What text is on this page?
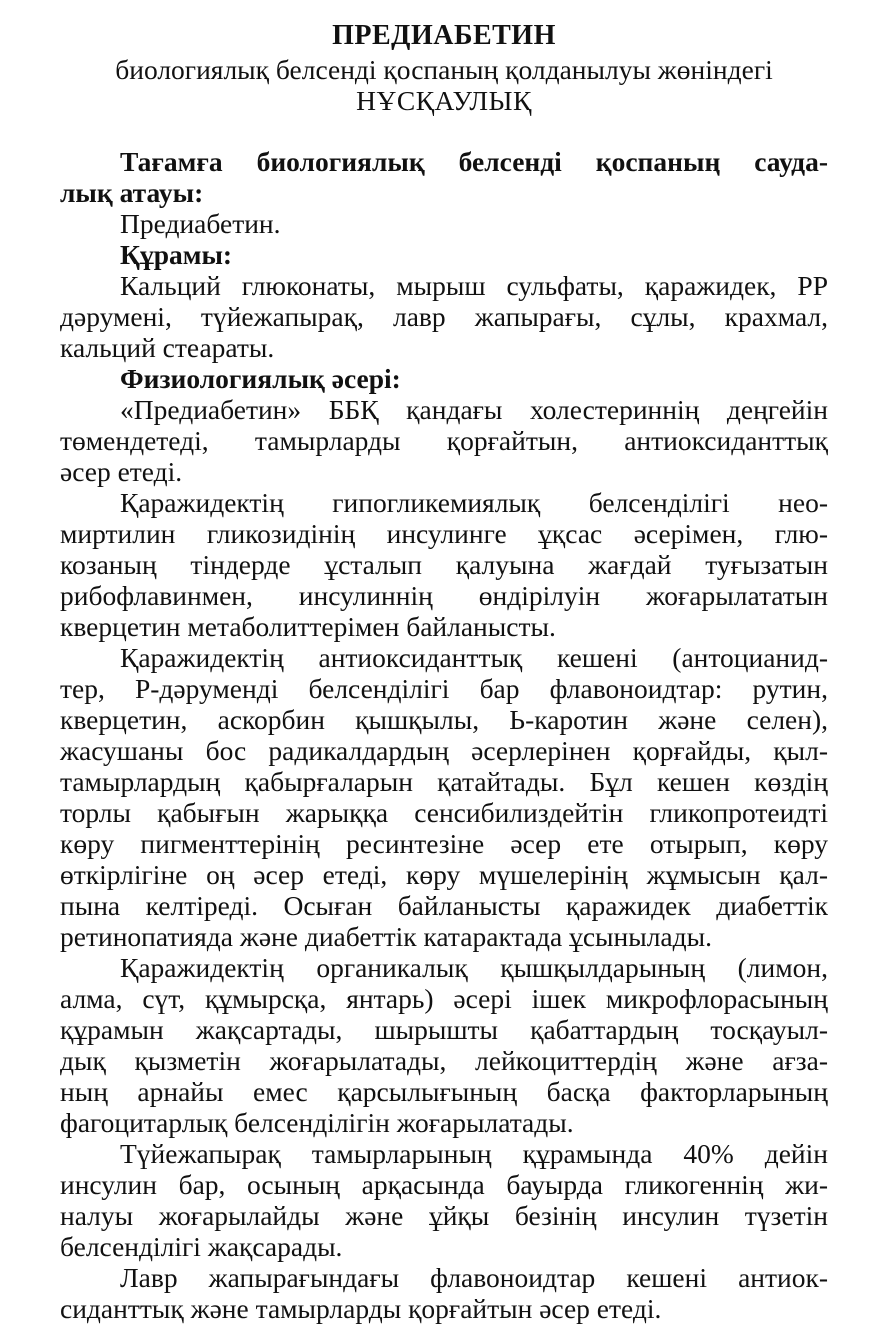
ПРЕДИАБЕТИН

биологиялық белсенді қоспаның қолданылуы жөніндегі

НҰСҚАУЛЫҚ

Тағамға биологиялық белсенді қоспаның сауда-
лық атауы:
Предиабетин.
Құрамы:
Кальций глюконаты, мырыш сульфаты, қаражидек, РР
дәрумені, түйежапырақ, лавр жапырағы, сұлы, крахмал,
кальций стеараты.
Физиологиялық әсері:
«Предиабетин» ББҚ қандағы холестериннің деңгейін
төмендетеді, тамырларды қорғайтын, антиоксиданттық
әсер етеді.
Қаражидектің гипогликемиялық белсенділігі нео-
миртилин гликозидінің инсулинге ұқсас әсерімен, глю-
козаның тіндерде ұсталып қалуына жағдай туғызатын
рибофлавинмен, инсулиннің өндірілуін жоғарылататын
кверцетин метаболиттерімен байланысты.
Қаражидектің антиоксиданттық кешені (антоцианид-
тер, Р-дәруменді белсенділігі бар флавоноидтар: рутин,
кверцетин, аскорбин қышқылы, Ь-каротин және селен),
жасушаны бос радикалдардың әсерлерінен қорғайды, қыл-
тамырлардың қабырғаларын қатайтады. Бұл кешен көздің
торлы қабығын жарыққа сенсибилиздейтін гликопротеидті
көру пигменттерінің ресинтезіне әсер ете отырып, көру
өткірлігіне оң әсер етеді, көру мүшелерінің жұмысын қал-
пына келтіреді. Осыған байланысты қаражидек диабеттік
ретинопатияда және диабеттік катарактада ұсынылады.
Қаражидектің органикалық қышқылдарының (лимон,
алма, сүт, құмырсқа, янтарь) әсері ішек микрофлорасының
құрамын жақсартады, шырышты қабаттардың тосқауыл-
дық қызметін жоғарылатады, лейкоциттердің және ағза-
ның арнайы емес қарсылығының басқа факторларының
фагоцитарлық белсенділігін жоғарылатады.
Түйежапырақ тамырларының құрамында 40% дейін
инсулин бар, осының арқасында бауырда гликогеннің жи-
налуы жоғарылайды және ұйқы безінің инсулин түзетін
белсенділігі жақсарады.
Лавр жапырағындағы флавоноидтар кешені антиок-
сиданттық және тамырларды қорғайтын әсер етеді.
